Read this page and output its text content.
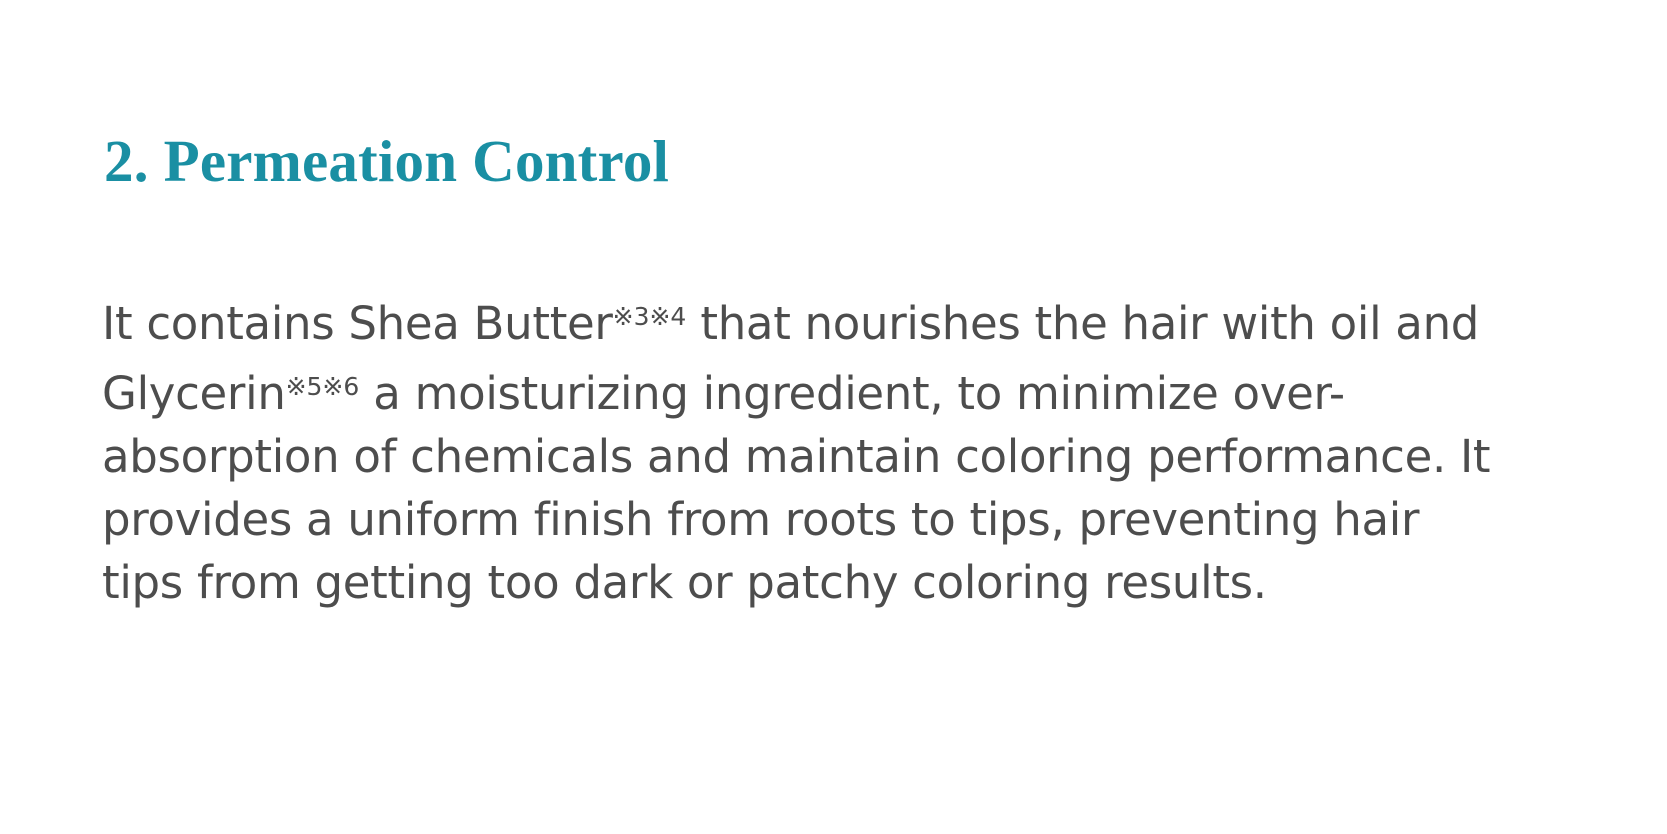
2. Permeation Control

It contains Shea Butter$^{※3※4}$ that nourishes the hair with oil and Glycerin$^{※5※6}$ a moisturizing ingredient, to minimize over-absorption of chemicals and maintain coloring performance. It provides a uniform finish from roots to tips, preventing hair tips from getting too dark or patchy coloring results.
